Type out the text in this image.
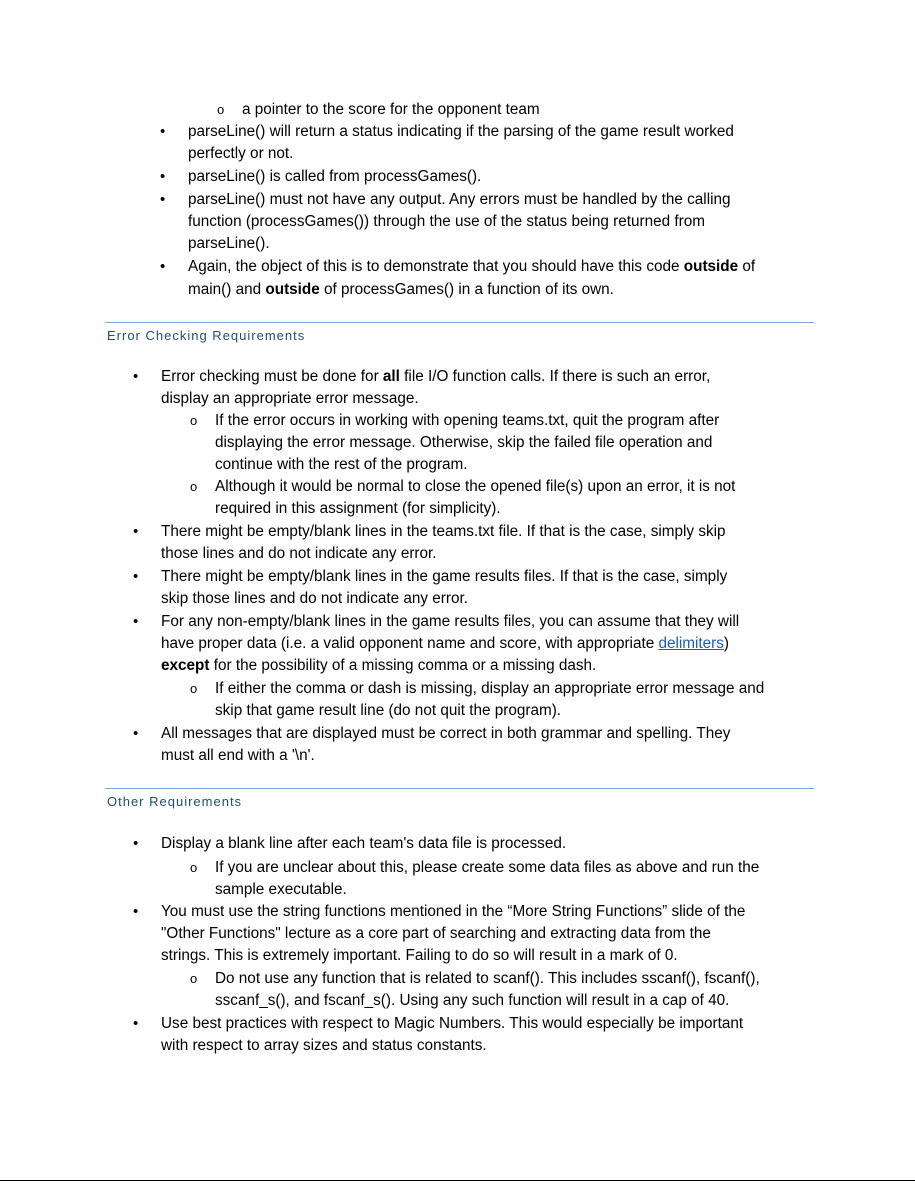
o a pointer to the score for the opponent team
• parseLine() will return a status indicating if the parsing of the game result worked
perfectly or not.
• parseLine() is called from processGames().
• parseLine() must not have any output. Any errors must be handled by the calling
function (processGames()) through the use of the status being returned from
parseLine().
• Again, the object of this is to demonstrate that you should have this code outside of
main() and outside of processGames() in a function of its own.
Error Checking Requirements
• Error checking must be done for all file I/O function calls. If there is such an error,
display an appropriate error message.
o If the error occurs in working with opening teams.txt, quit the program after
displaying the error message. Otherwise, skip the failed file operation and
continue with the rest of the program.
o Although it would be normal to close the opened file(s) upon an error, it is not
required in this assignment (for simplicity).
• There might be empty/blank lines in the teams.txt file. If that is the case, simply skip
those lines and do not indicate any error.
• There might be empty/blank lines in the game results files. If that is the case, simply
skip those lines and do not indicate any error.
• For any non-empty/blank lines in the game results files, you can assume that they will
have proper data (i.e. a valid opponent name and score, with appropriate delimiters)
except for the possibility of a missing comma or a missing dash.
o If either the comma or dash is missing, display an appropriate error message and
skip that game result line (do not quit the program).
• All messages that are displayed must be correct in both grammar and spelling. They
must all end with a '\n'.
Other Requirements
• Display a blank line after each team's data file is processed.
o If you are unclear about this, please create some data files as above and run the
sample executable.
• You must use the string functions mentioned in the “More String Functions” slide of the
"Other Functions" lecture as a core part of searching and extracting data from the
strings. This is extremely important. Failing to do so will result in a mark of 0.
o Do not use any function that is related to scanf(). This includes sscanf(), fscanf(),
sscanf_s(), and fscanf_s(). Using any such function will result in a cap of 40.
• Use best practices with respect to Magic Numbers. This would especially be important
with respect to array sizes and status constants.
